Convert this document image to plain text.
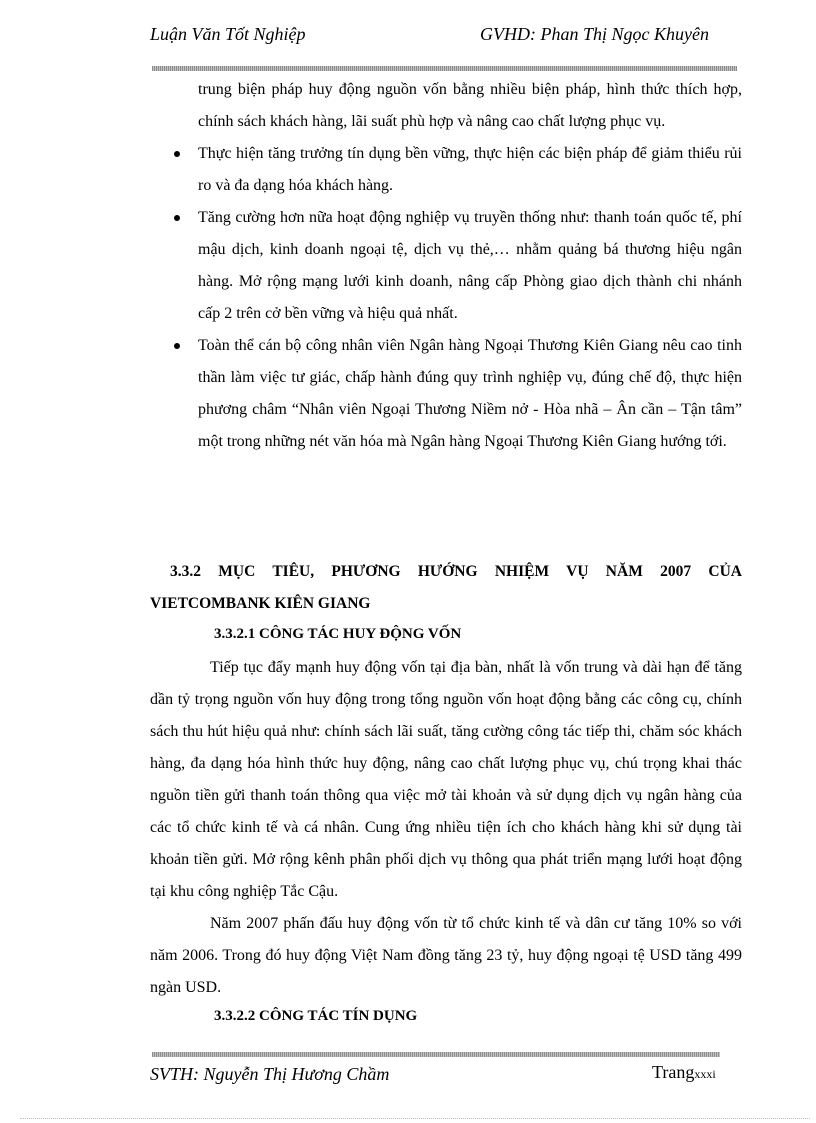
Luận Văn Tốt Nghiệp	GVHD: Phan Thị Ngọc Khuyên

trung biện pháp huy động nguồn vốn bằng nhiều biện pháp, hình thức thích hợp, chính sách khách hàng, lãi suất phù hợp và nâng cao chất lượng phục vụ.

Thực hiện tăng trưởng tín dụng bền vững, thực hiện các biện pháp để giảm thiểu rủi ro và đa dạng hóa khách hàng.

Tăng cường hơn nữa hoạt động nghiệp vụ truyền thống như: thanh toán quốc tế, phí mậu dịch, kinh doanh ngoại tệ, dịch vụ thẻ,… nhằm quảng bá thương hiệu ngân hàng. Mở rộng mạng lưới kinh doanh, nâng cấp Phòng giao dịch thành chi nhánh cấp 2 trên cở bền vững và hiệu quả nhất.

Toàn thể cán bộ công nhân viên Ngân hàng Ngoại Thương Kiên Giang nêu cao tinh thần làm việc tư giác, chấp hành đúng quy trình nghiệp vụ, đúng chế độ, thực hiện phương châm “Nhân viên Ngoại Thương Niềm nở - Hòa nhã – Ân cần – Tận tâm” một trong những nét văn hóa mà Ngân hàng Ngoại Thương Kiên Giang hướng tới.

3.3.2 MỤC TIÊU, PHƯƠNG HƯỚNG NHIỆM VỤ NĂM 2007 CỦA
VIETCOMBANK KIÊN GIANG
3.3.2.1 CÔNG TÁC HUY ĐỘNG VỐN

Tiếp tục đẩy mạnh huy động vốn tại địa bàn, nhất là vốn trung và dài hạn để tăng dần tỷ trọng nguồn vốn huy động trong tổng nguồn vốn hoạt động bằng các công cụ, chính sách thu hút hiệu quả như: chính sách lãi suất, tăng cường công tác tiếp thi, chăm sóc khách hàng, đa dạng hóa hình thức huy động, nâng cao chất lượng phục vụ, chú trọng khai thác nguồn tiền gửi thanh toán thông qua việc mở tài khoản và sử dụng dịch vụ ngân hàng của các tổ chức kinh tế và cá nhân. Cung ứng nhiều tiện ích cho khách hàng khi sử dụng tài khoản tiền gửi. Mở rộng kênh phân phối dịch vụ thông qua phát triển mạng lưới hoạt động tại khu công nghiệp Tắc Cậu.

Năm 2007 phấn đấu huy động vốn từ tổ chức kinh tế và dân cư tăng 10% so với năm 2006. Trong đó huy động Việt Nam đồng tăng 23 tỷ, huy động ngoại tệ USD tăng 499 ngàn USD.

3.3.2.2 CÔNG TÁC TÍN DỤNG
SVTH: Nguyễn Thị Hương Chầm	Trangxxxi
